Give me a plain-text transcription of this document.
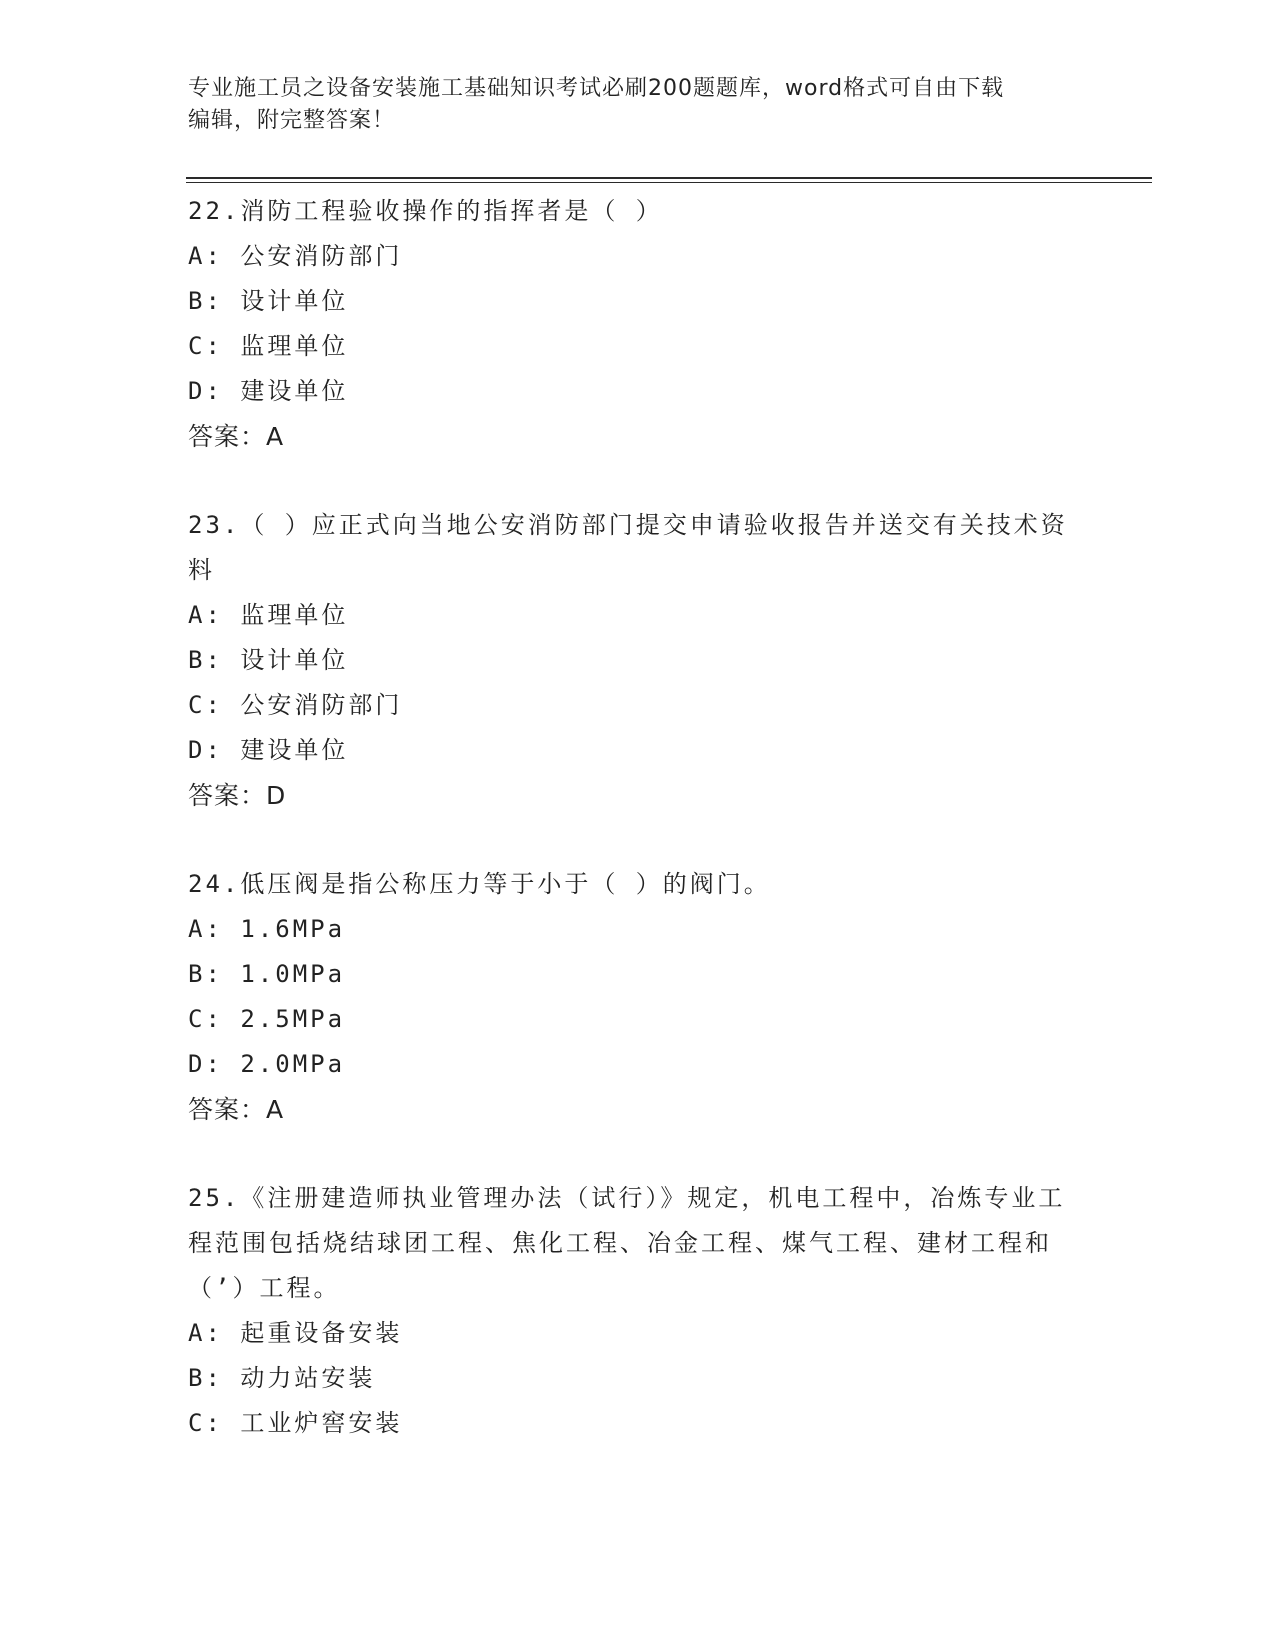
专业施工员之设备安装施工基础知识考试必刷200题题库，word格式可自由下载
编辑，附完整答案！
22.消防工程验收操作的指挥者是（ ）
A: 公安消防部门
B: 设计单位
C: 监理单位
D: 建设单位
答案：A
23.（ ）应正式向当地公安消防部门提交申请验收报告并送交有关技术资料
A: 监理单位
B: 设计单位
C: 公安消防部门
D: 建设单位
答案：D
24.低压阀是指公称压力等于小于（ ）的阀门。
A: 1.6MPa
B: 1.0MPa
C: 2.5MPa
D: 2.0MPa
答案：A
25.《注册建造师执业管理办法（试行）》规定，机电工程中，冶炼专业工程范围包括烧结球团工程、焦化工程、冶金工程、煤气工程、建材工程和（’）工程。
A: 起重设备安装
B: 动力站安装
C: 工业炉窖安装
